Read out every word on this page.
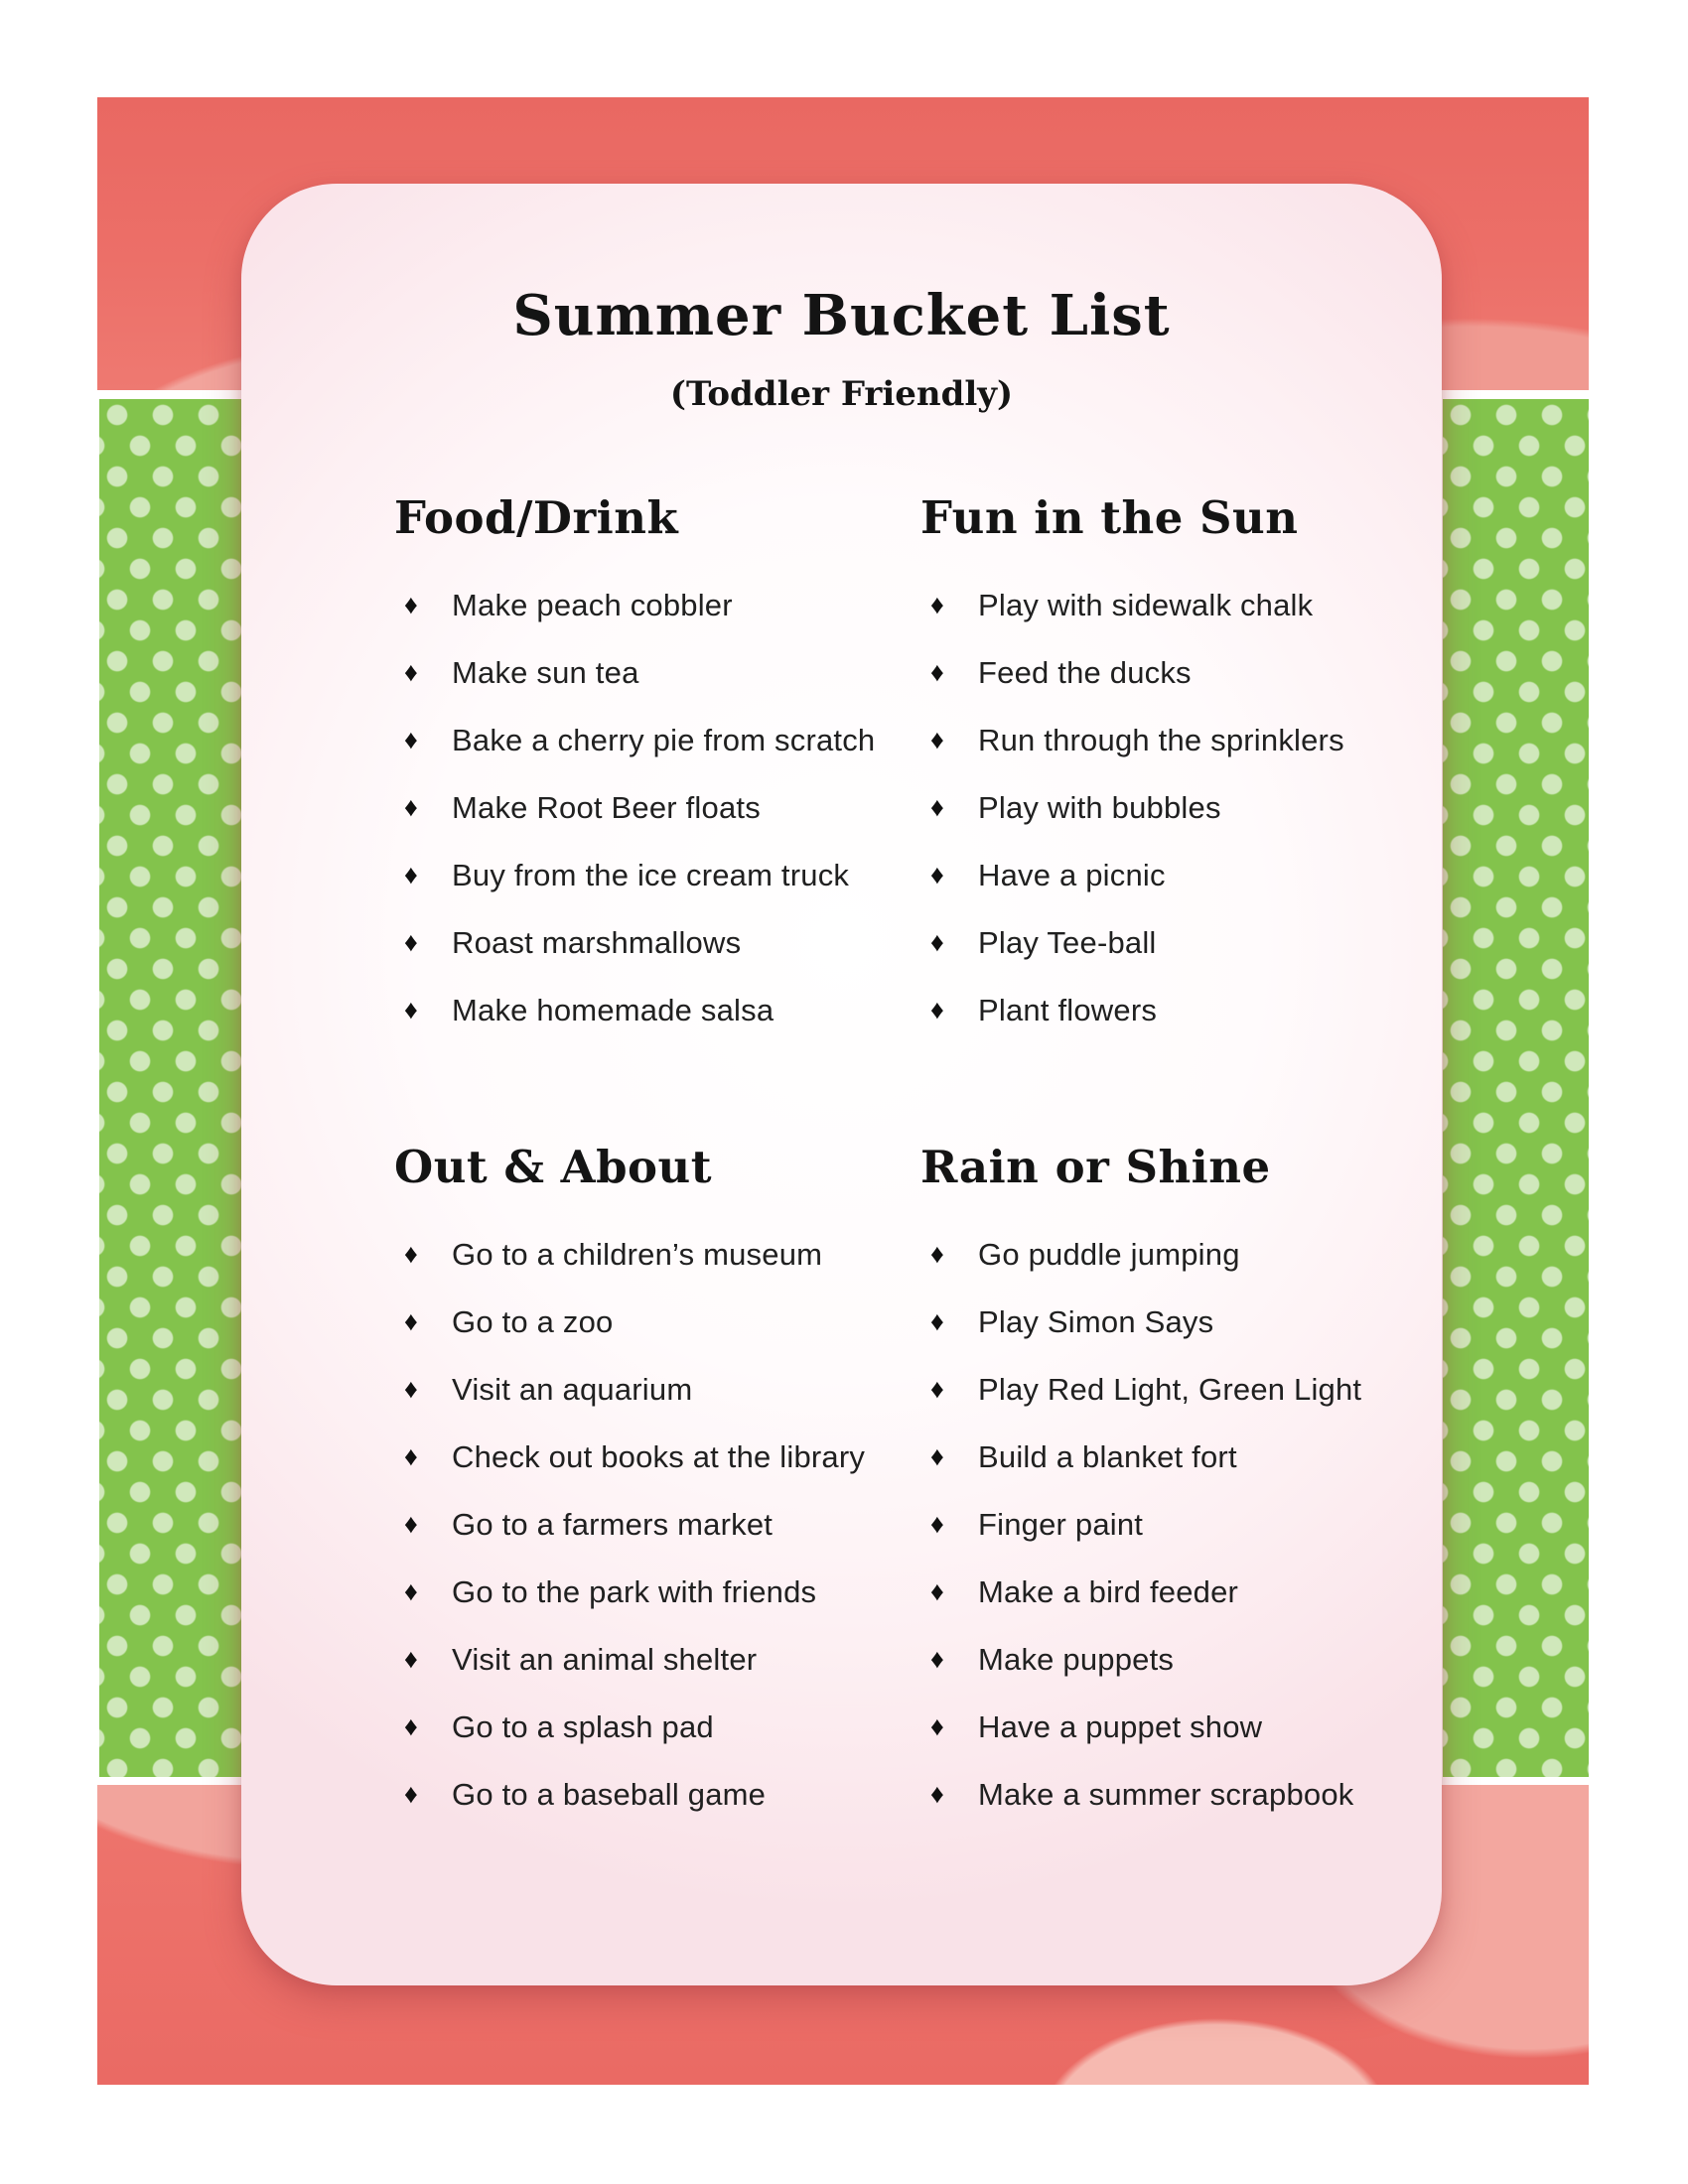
Summer Bucket List
(Toddler Friendly)
Food/Drink
♦ Make peach cobbler
♦ Make sun tea
♦ Bake a cherry pie from scratch
♦ Make Root Beer floats
♦ Buy from the ice cream truck
♦ Roast marshmallows
♦ Make homemade salsa
Fun in the Sun
♦ Play with sidewalk chalk
♦ Feed the ducks
♦ Run through the sprinklers
♦ Play with bubbles
♦ Have a picnic
♦ Play Tee-ball
♦ Plant flowers
Out & About
♦ Go to a children’s museum
♦ Go to a zoo
♦ Visit an aquarium
♦ Check out books at the library
♦ Go to a farmers market
♦ Go to the park with friends
♦ Visit an animal shelter
♦ Go to a splash pad
♦ Go to a baseball game
Rain or Shine
♦ Go puddle jumping
♦ Play Simon Says
♦ Play Red Light, Green Light
♦ Build a blanket fort
♦ Finger paint
♦ Make a bird feeder
♦ Make puppets
♦ Have a puppet show
♦ Make a summer scrapbook
